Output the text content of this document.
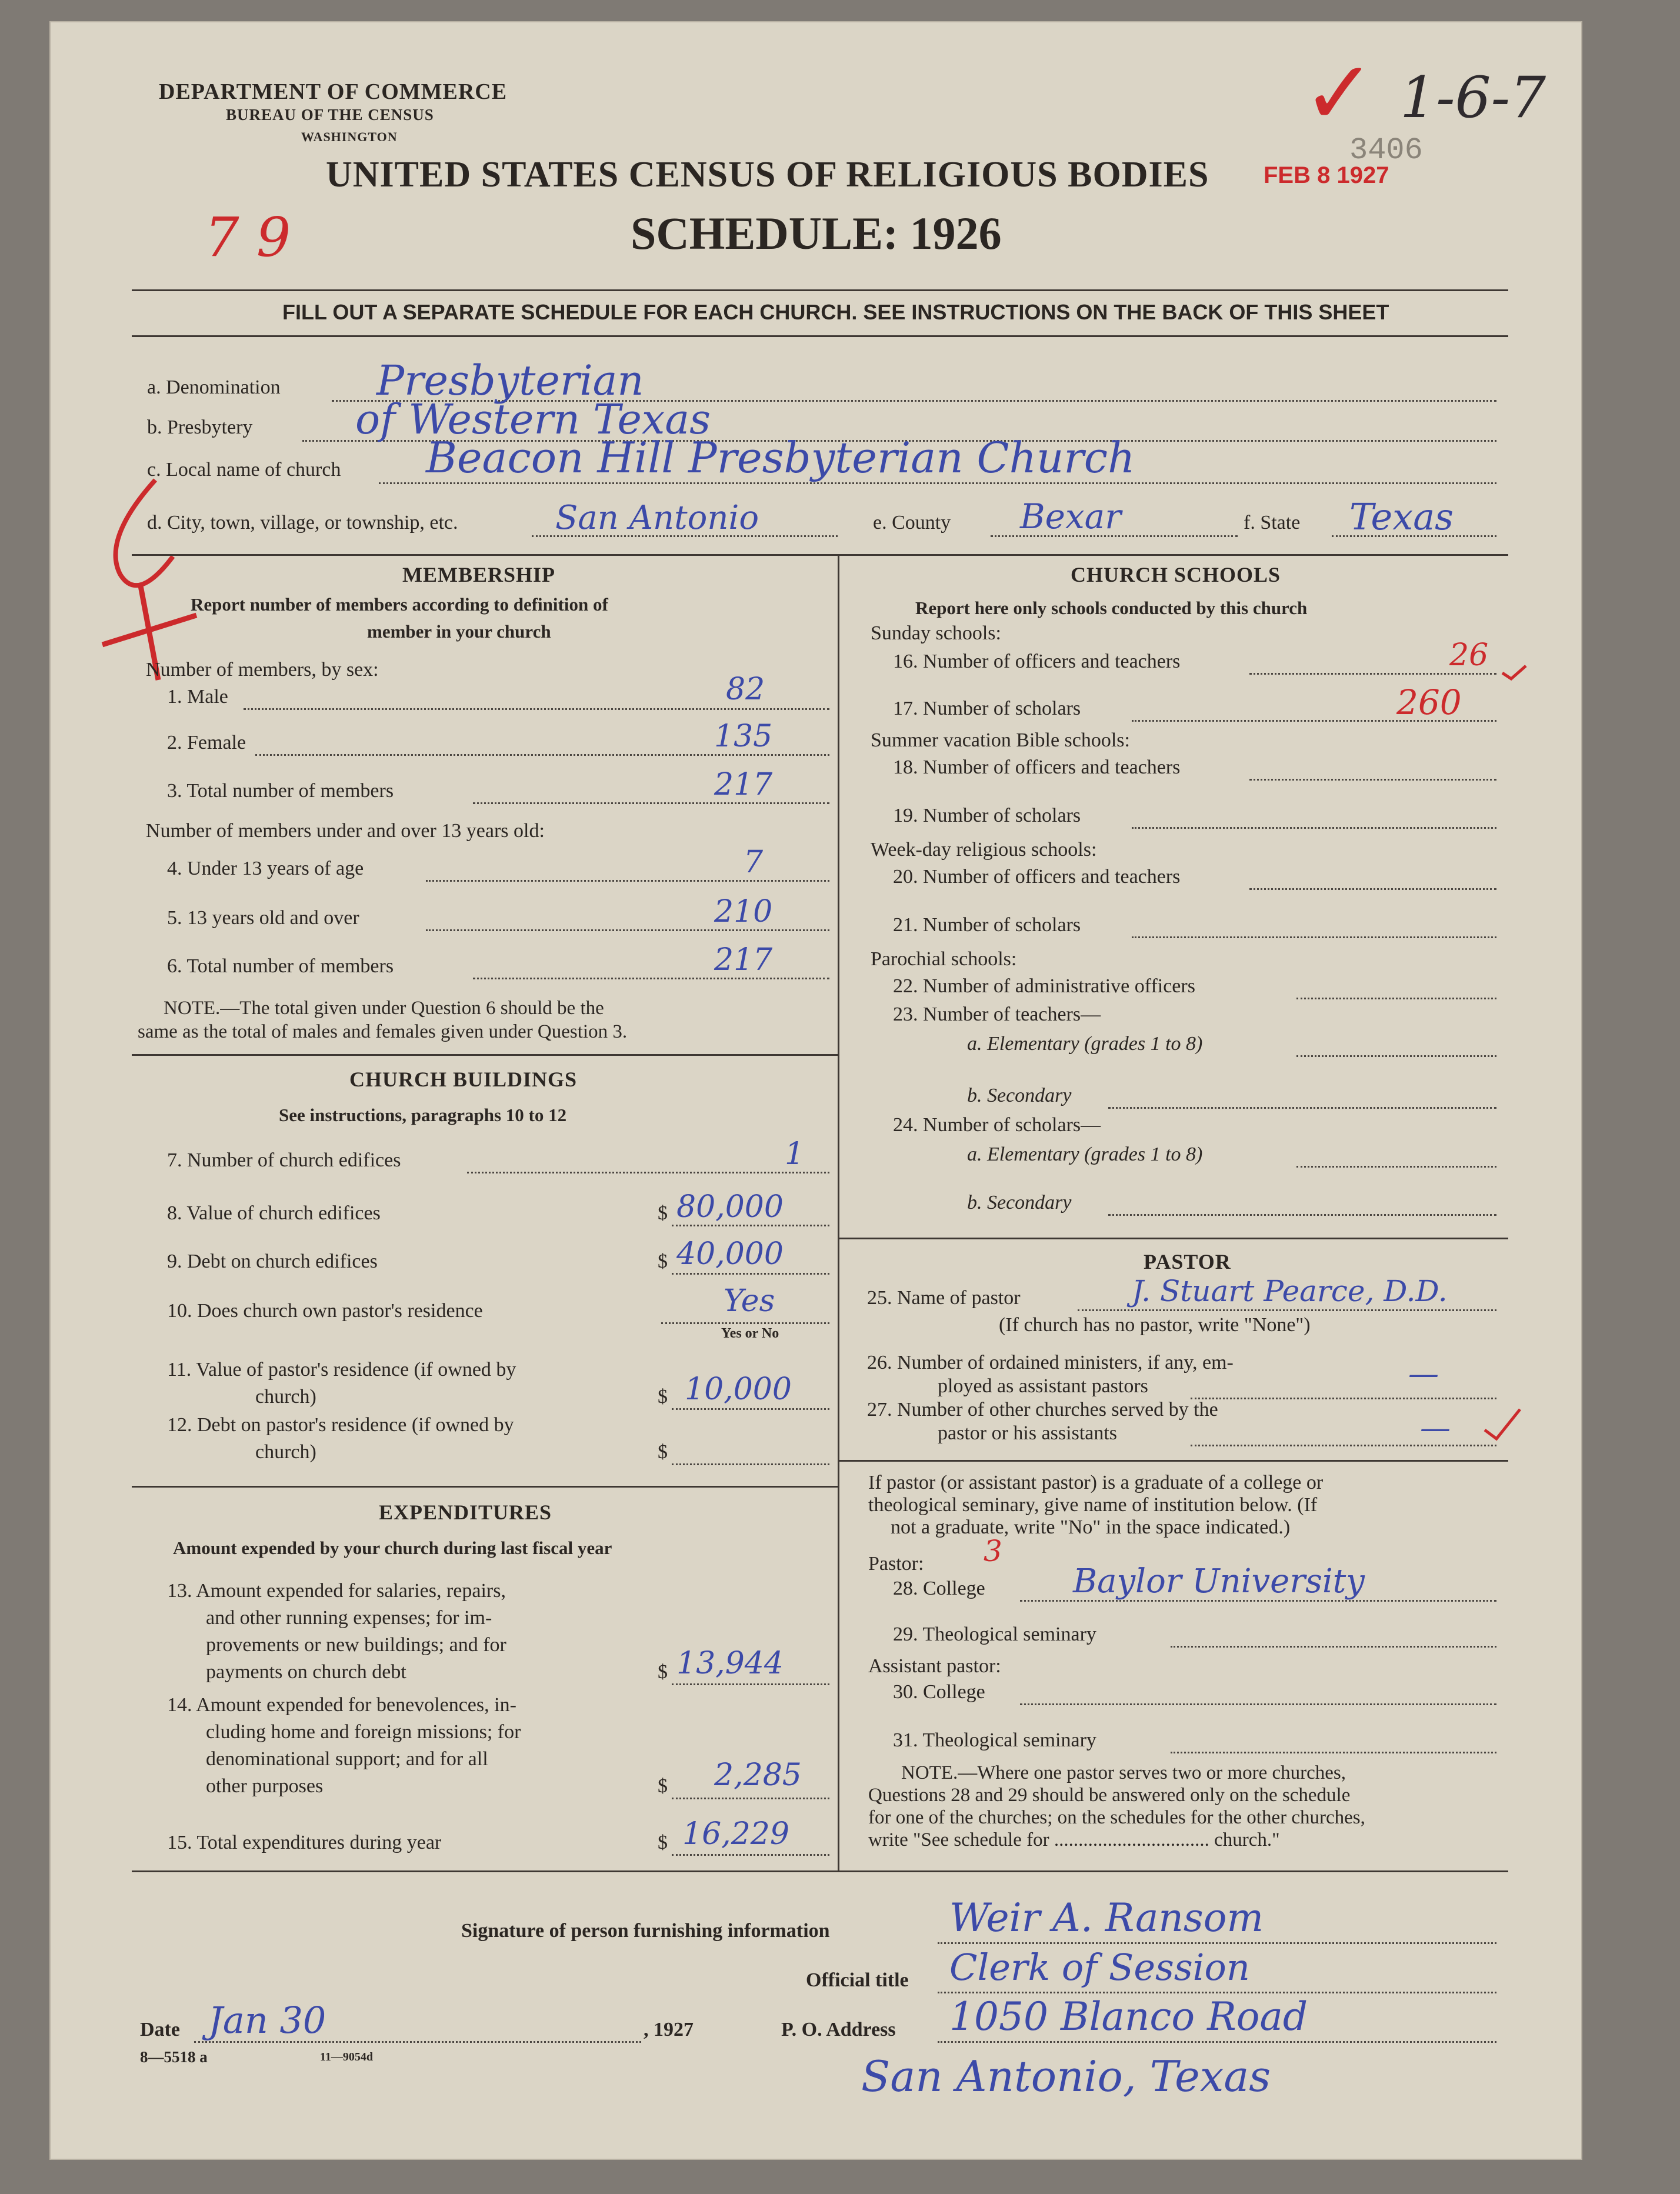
DEPARTMENT OF COMMERCE
BUREAU OF THE CENSUS
WASHINGTON
UNITED STATES CENSUS OF RELIGIOUS BODIES
SCHEDULE: 1926
7 9
FEB 8 1927
3406
1-6-7
✓
FILL OUT A SEPARATE SCHEDULE FOR EACH CHURCH. SEE INSTRUCTIONS ON THE BACK OF THIS SHEET
a. Denomination Presbyterian
b. Presbytery of Western Texas
c. Local name of church Beacon Hill Presbyterian Church
d. City, town, village, or township, etc.	San Antonio	e. County Bexar	f. State Texas
MEMBERSHIP
Report number of members according to definition of
member in your church
Number of members, by sex:
1. Male	82
2. Female	135
3. Total number of members	217
Number of members under and over 13 years old:
4. Under 13 years of age	7
5. 13 years old and over	210
6. Total number of members	217
NOTE.—The total given under Question 6 should be the
same as the total of males and females given under Question 3.
CHURCH BUILDINGS
See instructions, paragraphs 10 to 12
7. Number of church edifices	1
8. Value of church edifices	$ 80,000
9. Debt on church edifices	$ 40,000
10. Does church own pastor's residence	Yes
Yes or No
11. Value of pastor's residence (if owned by
church)	$ 10,000
12. Debt on pastor's residence (if owned by
church)	$
EXPENDITURES
Amount expended by your church during last fiscal year
13. Amount expended for salaries, repairs,
and other running expenses; for im-
provements or new buildings; and for
payments on church debt	$ 13,944
14. Amount expended for benevolences, in-
cluding home and foreign missions; for
denominational support; and for all
other purposes	$ 2,285
15. Total expenditures during year	$ 16,229
CHURCH SCHOOLS
Report here only schools conducted by this church
Sunday schools:
16. Number of officers and teachers	26
17. Number of scholars	260
Summer vacation Bible schools:
18. Number of officers and teachers
19. Number of scholars
Week-day religious schools:
20. Number of officers and teachers
21. Number of scholars
Parochial schools:
22. Number of administrative officers
23. Number of teachers—
a. Elementary (grades 1 to 8)
b. Secondary
24. Number of scholars—
a. Elementary (grades 1 to 8)
b. Secondary
PASTOR
25. Name of pastor	J. Stuart Pearce, D.D.
(If church has no pastor, write "None")
26. Number of ordained ministers, if any, em-
ployed as assistant pastors	—
27. Number of other churches served by the
pastor or his assistants	—
If pastor (or assistant pastor) is a graduate of a college or
theological seminary, give name of institution below. (If
not a graduate, write "No" in the space indicated.)
Pastor: 3
28. College	Baylor University
29. Theological seminary
Assistant pastor:
30. College
31. Theological seminary
NOTE.—Where one pastor serves two or more churches,
Questions 28 and 29 should be answered only on the schedule
for one of the churches; on the schedules for the other churches,
write "See schedule for ................................ church."
Signature of person furnishing information	Weir A. Ransom
Official title Clerk of Session
Date Jan 30	, 1927	P. O. Address 1050 Blanco Road
San Antonio, Texas
8—5518 a	11—9054d
